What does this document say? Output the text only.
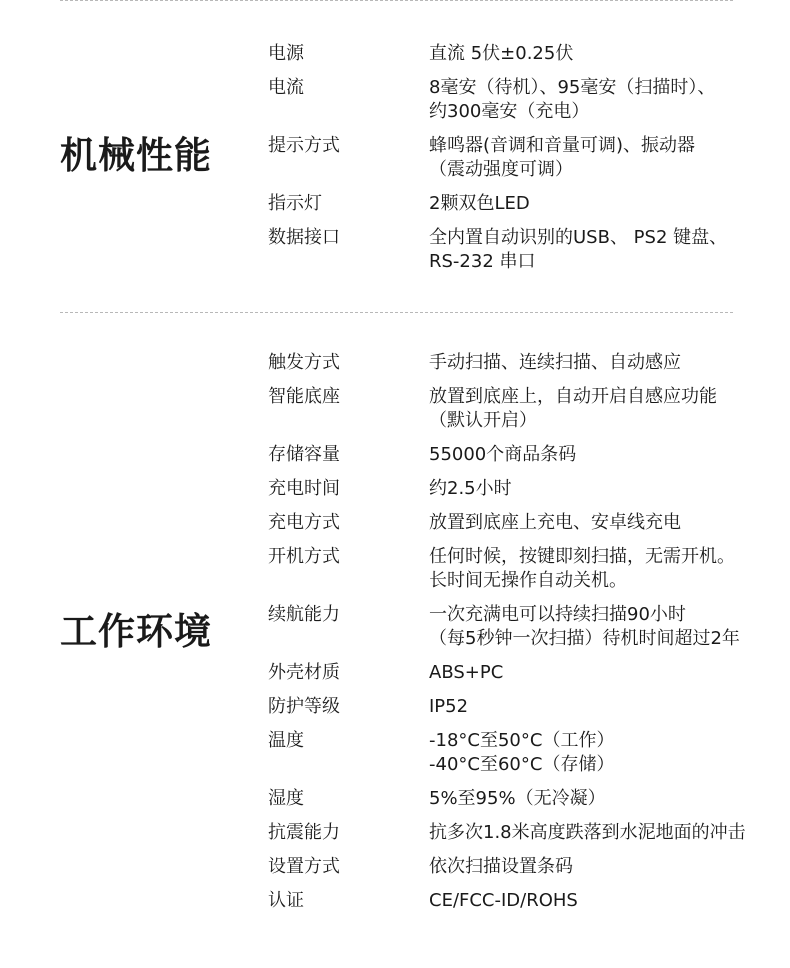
机械性能
电源	直流 5伏±0.25伏
电流	8毫安（待机）、95毫安（扫描时）、
约300毫安（充电）
提示方式	蜂鸣器(音调和音量可调)、振动器
（震动强度可调）
指示灯	2颗双色LED
数据接口	全内置自动识别的USB、 PS2 键盘、
RS-232 串口
工作环境
触发方式	手动扫描、连续扫描、自动感应
智能底座	放置到底座上，自动开启自感应功能
（默认开启）
存储容量	55000个商品条码
充电时间	约2.5小时
充电方式	放置到底座上充电、安卓线充电
开机方式	任何时候，按键即刻扫描，无需开机。
长时间无操作自动关机。
续航能力	一次充满电可以持续扫描90小时
（每5秒钟一次扫描）待机时间超过2年
外壳材质	ABS+PC
防护等级	IP52
温度	-18°C至50°C（工作）
-40°C至60°C（存储）
湿度	5%至95%（无冷凝）
抗震能力	抗多次1.8米高度跌落到水泥地面的冲击
设置方式	依次扫描设置条码
认证	CE/FCC-ID/ROHS
